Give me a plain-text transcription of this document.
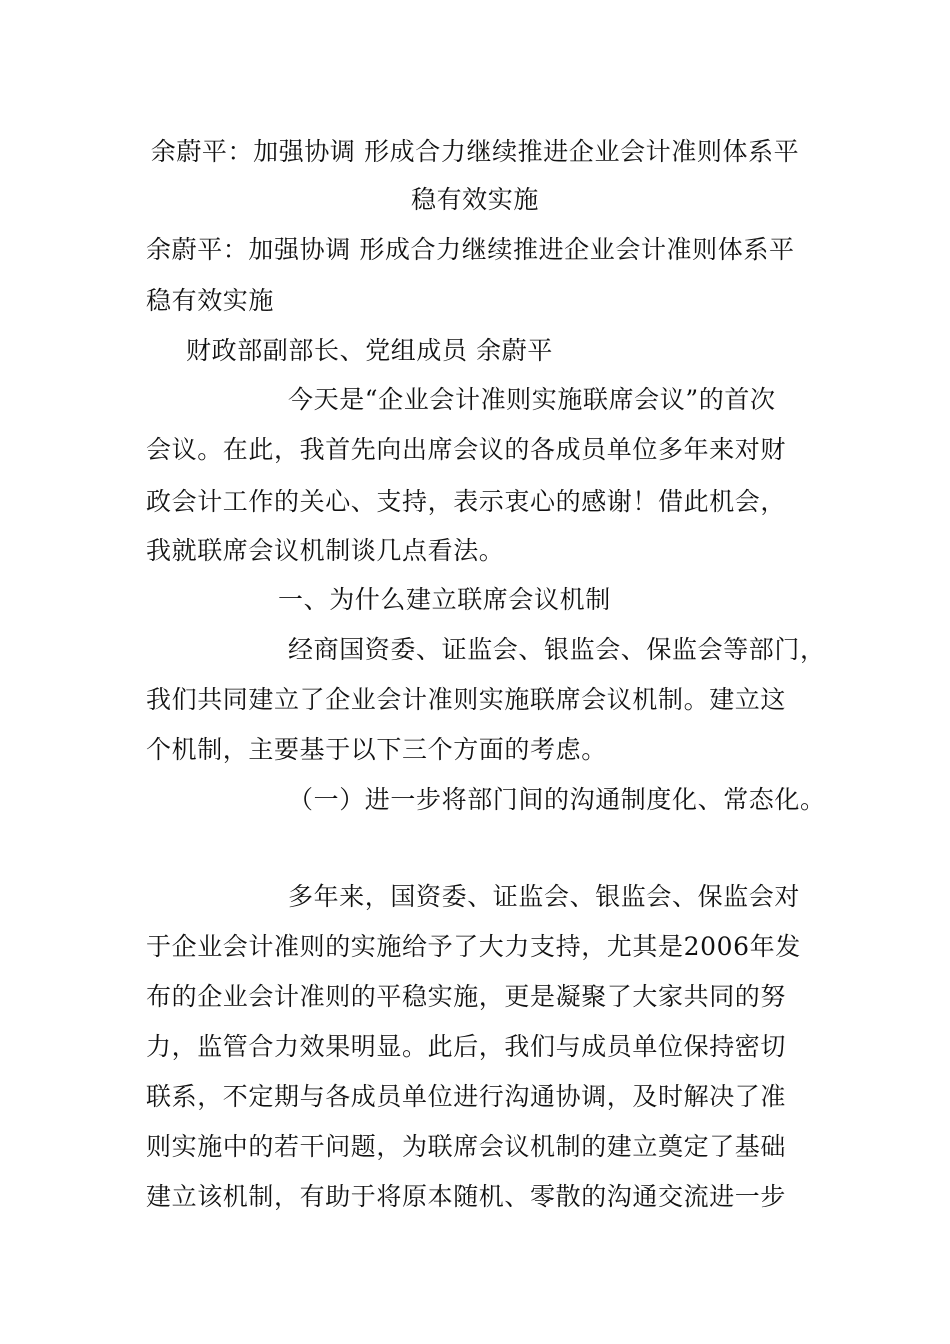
余蔚平：加强协调 形成合力继续推进企业会计准则体系平
稳有效实施
余蔚平：加强协调 形成合力继续推进企业会计准则体系平
稳有效实施
财政部副部长、党组成员 余蔚平
今天是“企业会计准则实施联席会议”的首次
会议。在此，我首先向出席会议的各成员单位多年来对财
政会计工作的关心、支持，表示衷心的感谢！借此机会，
我就联席会议机制谈几点看法。
一、为什么建立联席会议机制
经商国资委、证监会、银监会、保监会等部门，
我们共同建立了企业会计准则实施联席会议机制。建立这
个机制，主要基于以下三个方面的考虑。
（一）进一步将部门间的沟通制度化、常态化。
多年来，国资委、证监会、银监会、保监会对
于企业会计准则的实施给予了大力支持，尤其是2006年发
布的企业会计准则的平稳实施，更是凝聚了大家共同的努
力，监管合力效果明显。此后，我们与成员单位保持密切
联系，不定期与各成员单位进行沟通协调，及时解决了准
则实施中的若干问题，为联席会议机制的建立奠定了基础
建立该机制，有助于将原本随机、零散的沟通交流进一步
